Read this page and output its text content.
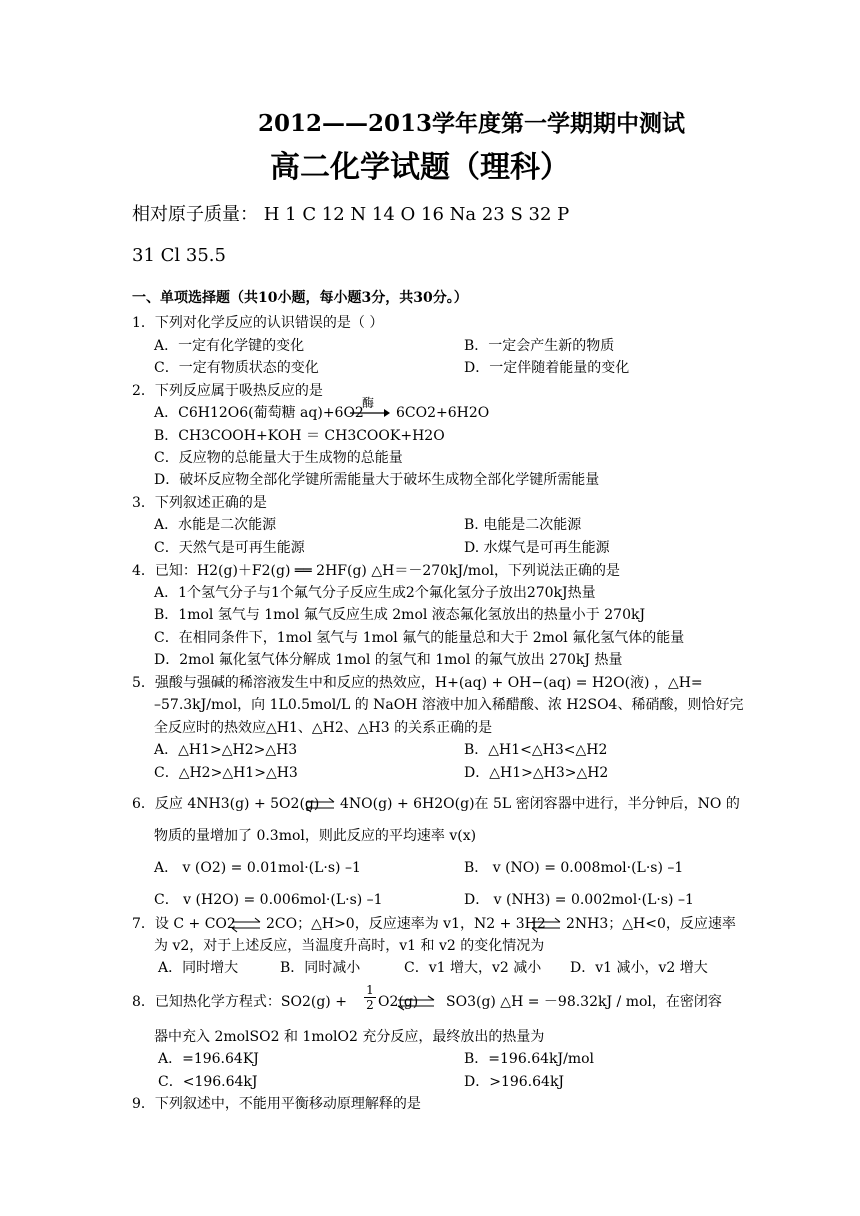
2012——2013学年度第一学期期中测试
高二化学试题（理科）
相对原子质量： H 1 C 12 N 14 O 16 Na 23 S 32 P
31 Cl 35.5
一、单项选择题（共10小题，每小题3分，共30分。）
1．下列对化学反应的认识错误的是（ ）
A．一定有化学键的变化	B．一定会产生新的物质
C．一定有物质状态的变化	D．一定伴随着能量的变化
2．下列反应属于吸热反应的是
A．C6H12O6(葡萄糖 aq)+6O2
酶
6CO2+6H2O
B．CH3COOH+KOH ＝ CH3COOK+H2O
C．反应物的总能量大于生成物的总能量
D．破坏反应物全部化学键所需能量大于破坏生成物全部化学键所需能量
3．下列叙述正确的是
A．水能是二次能源	B. 电能是二次能源
C．天然气是可再生能源	D. 水煤气是可再生能源
4．已知：H2(g)＋F2(g) ══ 2HF(g) △H＝－270kJ/mol，下列说法正确的是
A．1个氢气分子与1个氟气分子反应生成2个氟化氢分子放出270kJ热量
B．1mol 氢气与 1mol 氟气反应生成 2mol 液态氟化氢放出的热量小于 270kJ
C．在相同条件下，1mol 氢气与 1mol 氟气的能量总和大于 2mol 氟化氢气体的能量
D．2mol 氟化氢气体分解成 1mol 的氢气和 1mol 的氟气放出 270kJ 热量
5．强酸与强碱的稀溶液发生中和反应的热效应，H+(aq) + OH−(aq) = H2O(液) ，△H=
–57.3kJ/mol，向 1L0.5mol/L 的 NaOH 溶液中加入稀醋酸、浓 H2SO4、稀硝酸，则恰好完
全反应时的热效应△H1、△H2、△H3 的关系正确的是
A．△H1>△H2>△H3	B．△H1<△H3<△H2
C．△H2>△H1>△H3	D．△H1>△H3>△H2
6．反应 4NH3(g) + 5O2(g) 4NO(g) + 6H2O(g)在 5L 密闭容器中进行，半分钟后，NO 的
物质的量增加了 0.3mol，则此反应的平均速率 v(x)
A． v (O2) = 0.01mol·(L·s) –1	B． v (NO) = 0.008mol·(L·s) –1
C． v (H2O) = 0.006mol·(L·s) –1	D． v (NH3) = 0.002mol·(L·s) –1
7．设 C + CO2 2CO；△H>0，反应速率为 v1，N2 + 3H2 2NH3；△H<0，反应速率
为 v2，对于上述反应，当温度升高时，v1 和 v2 的变化情况为
A．同时增大	B．同时减小	C．v1 增大，v2 减小 D．v1 减小，v2 增大
8．已知热化学方程式：SO2(g) +
1
2 O2(g) SO3(g) △H = －98.32kJ / mol，在密闭容
器中充入 2molSO2 和 1molO2 充分反应，最终放出的热量为
A．=196.64KJ	B．=196.64kJ/mol
C．<196.64kJ	D．>196.64kJ
9．下列叙述中，不能用平衡移动原理解释的是
